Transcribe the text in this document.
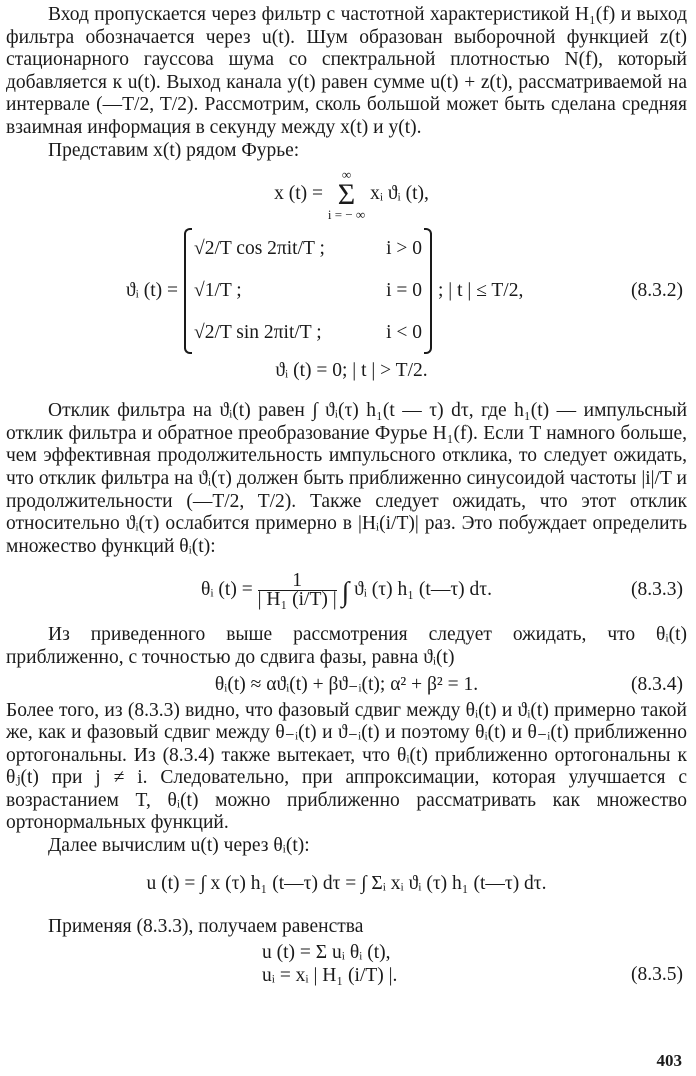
Вход пропускается через фильтр с частотной характеристикой H₁(f) и выход фильтра обозначается через u(t). Шум образован выборочной функцией z(t) стационарного гауссова шума со спектральной плотностью N(f), который добавляется к u(t). Выход канала y(t) равен сумме u(t) + z(t), рассматриваемой на интервале (—T/2, T/2). Рассмотрим, сколь большой может быть сделана средняя взаимная информация в секунду между x(t) и y(t).

Представим x(t) рядом Фурье:

x (t) =
∞
Σ
i = − ∞
xᵢ ϑᵢ (t),
ϑᵢ (t) =
√2/T cos 2πit/T ;	i > 0
√1/T ;	i = 0
√2/T sin 2πit/T ;	i < 0
; | t | ≤ T/2,	(8.3.2)
ϑᵢ (t) = 0; | t | > T/2.

Отклик фильтра на ϑᵢ(t) равен ∫ ϑᵢ(τ) h₁(t — τ) dτ, где h₁(t) — импульсный отклик фильтра и обратное преобразование Фурье H₁(f). Если T намного больше, чем эффективная продолжительность импульсного отклика, то следует ожидать, что отклик фильтра на ϑᵢ(τ) должен быть приближенно синусоидой частоты |i|/T и продолжительности (—T/2, T/2). Также следует ожидать, что этот отклик относительно ϑᵢ(τ) ослабится примерно в |Hᵢ(i/T)| раз. Это побуждает определить множество функций θᵢ(t):

θᵢ $(t) = \frac{1}{\text{| H₁ (i/T) |}}$ ∫ ϑᵢ (τ) h₁ (t—τ) dτ.	(8.3.3)

Из приведенного выше рассмотрения следует ожидать, что θᵢ(t) приближенно, с точностью до сдвига фазы, равна ϑᵢ(t)

θᵢ(t) ≈ αϑᵢ(t) + βϑ₋ᵢ(t); α² + β² = 1.	(8.3.4)

Более того, из (8.3.3) видно, что фазовый сдвиг между θᵢ(t) и ϑᵢ(t) примерно такой же, как и фазовый сдвиг между θ₋ᵢ(t) и ϑ₋ᵢ(t) и поэтому θᵢ(t) и θ₋ᵢ(t) приближенно ортогональны. Из (8.3.4) также вытекает, что θᵢ(t) приближенно ортогональны к θⱼ(t) при j ≠ i. Следовательно, при аппроксимации, которая улучшается с возрастанием T, θᵢ(t) можно приближенно рассматривать как множество ортонормальных функций.

Далее вычислим u(t) через θᵢ(t):

u (t) = ∫ x (τ) h₁ (t—τ) dτ = ∫ Σᵢ xᵢ ϑᵢ (τ) h₁ (t—τ) dτ.

Применяя (8.3.3), получаем равенства

u (t) = Σ uᵢ θᵢ (t),
uᵢ = xᵢ | H₁ (i/T) |.	(8.3.5)
403
